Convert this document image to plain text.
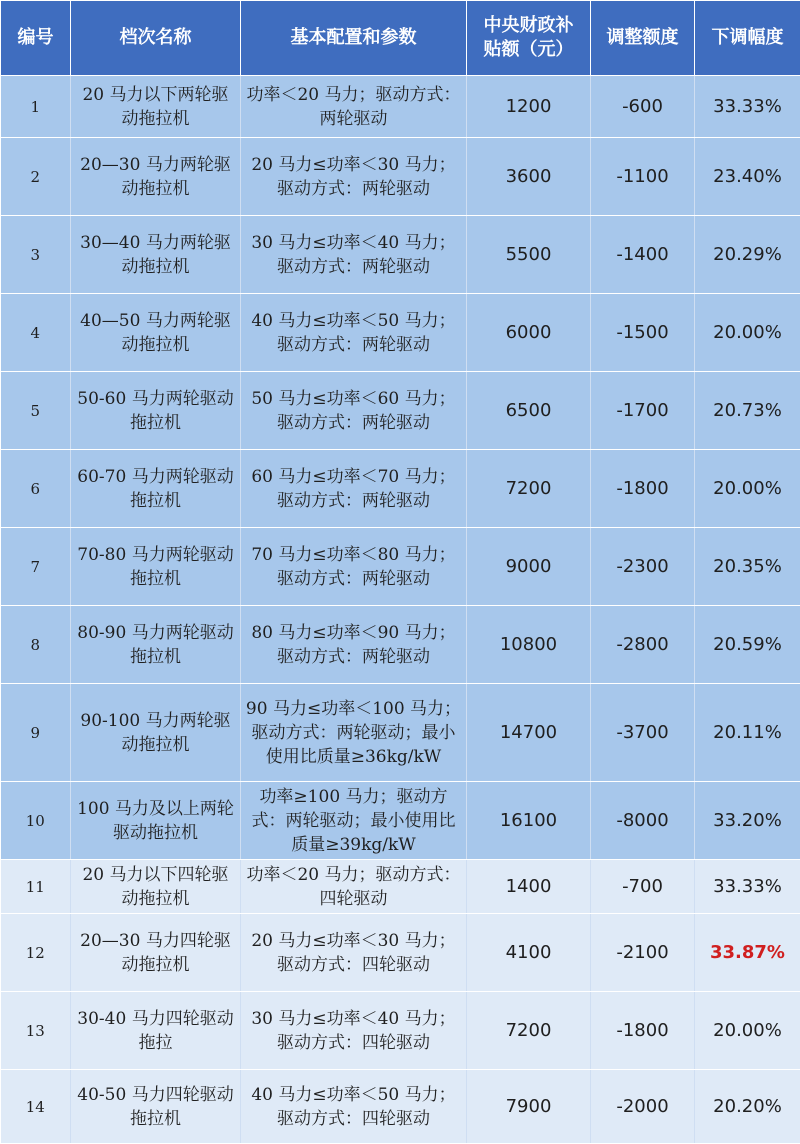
编号	档次名称	基本配置和参数	中央财政补贴额（元）	调整额度	下调幅度
1	20 马力以下两轮驱动拖拉机	功率＜20 马力；驱动方式：两轮驱动	1200	-600	33.33%
2	20—30 马力两轮驱动拖拉机	20 马力≤功率＜30 马力；驱动方式：两轮驱动	3600	-1100	23.40%
3	30—40 马力两轮驱动拖拉机	30 马力≤功率＜40 马力；驱动方式：两轮驱动	5500	-1400	20.29%
4	40—50 马力两轮驱动拖拉机	40 马力≤功率＜50 马力；驱动方式：两轮驱动	6000	-1500	20.00%
5	50-60 马力两轮驱动拖拉机	50 马力≤功率＜60 马力；驱动方式：两轮驱动	6500	-1700	20.73%
6	60-70 马力两轮驱动拖拉机	60 马力≤功率＜70 马力；驱动方式：两轮驱动	7200	-1800	20.00%
7	70-80 马力两轮驱动拖拉机	70 马力≤功率＜80 马力；驱动方式：两轮驱动	9000	-2300	20.35%
8	80-90 马力两轮驱动拖拉机	80 马力≤功率＜90 马力；驱动方式：两轮驱动	10800	-2800	20.59%
9	90-100 马力两轮驱动拖拉机	90 马力≤功率＜100 马力；驱动方式：两轮驱动；最小使用比质量≥36kg/kW	14700	-3700	20.11%
10	100 马力及以上两轮驱动拖拉机	功率≥100 马力；驱动方式：两轮驱动；最小使用比质量≥39kg/kW	16100	-8000	33.20%
11	20 马力以下四轮驱动拖拉机	功率＜20 马力；驱动方式：四轮驱动	1400	-700	33.33%
12	20—30 马力四轮驱动拖拉机	20 马力≤功率＜30 马力；驱动方式：四轮驱动	4100	-2100	33.87%
13	30-40 马力四轮驱动拖拉	30 马力≤功率＜40 马力；驱动方式：四轮驱动	7200	-1800	20.00%
14	40-50 马力四轮驱动拖拉机	40 马力≤功率＜50 马力；驱动方式：四轮驱动	7900	-2000	20.20%
